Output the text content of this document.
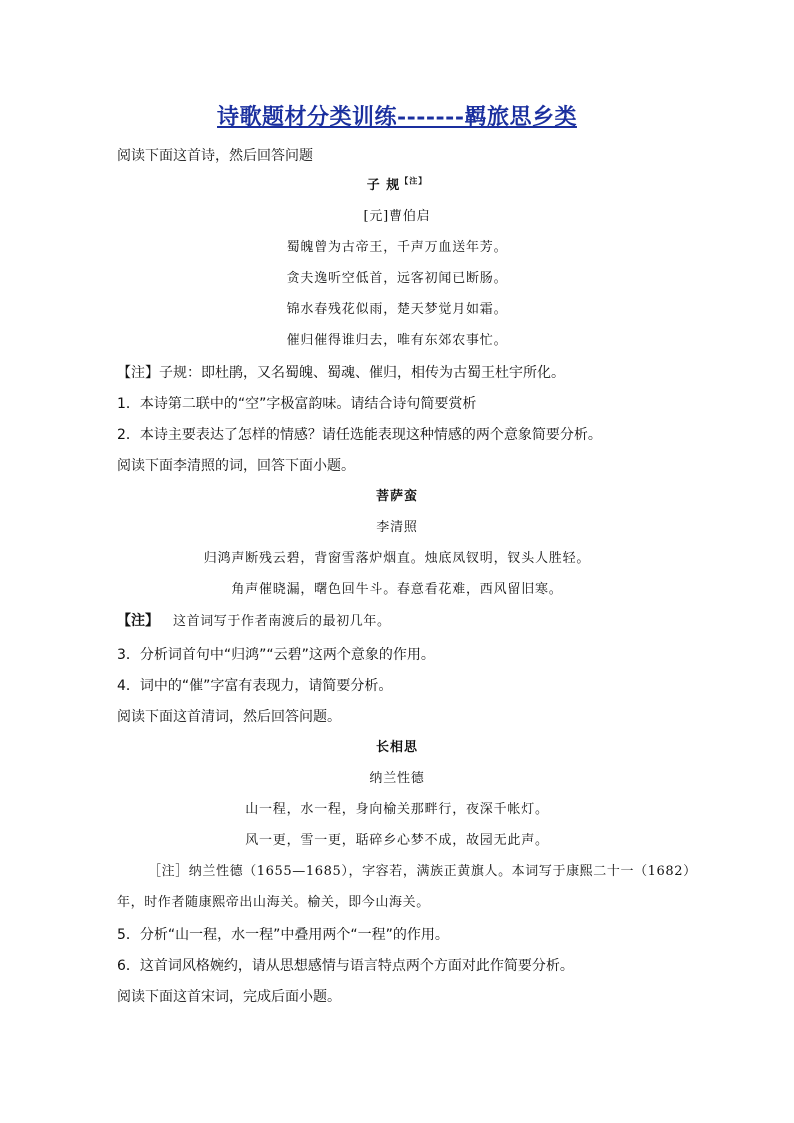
诗歌题材分类训练-------羁旅思乡类
阅读下面这首诗，然后回答问题
子 规$^{【注】}$
[元]曹伯启
蜀魄曾为古帝王，千声万血送年芳。
贪夫逸听空低首，远客初闻已断肠。
锦水春残花似雨，楚天梦觉月如霜。
催归催得谁归去，唯有东郊农事忙。
【注】子规：即杜鹃，又名蜀魄、蜀魂、催归，相传为古蜀王杜宇所化。
1．本诗第二联中的“空”字极富韵味。请结合诗句简要赏析
2．本诗主要表达了怎样的情感？请任选能表现这种情感的两个意象简要分析。
阅读下面李清照的词，回答下面小题。
菩萨蛮
李清照
归鸿声断残云碧，背窗雪落炉烟直。烛底凤钗明，钗头人胜轻。
角声催晓漏，曙色回牛斗。春意看花难，西风留旧寒。
【注】 这首词写于作者南渡后的最初几年。
3．分析词首句中“归鸿”“云碧”这两个意象的作用。
4．词中的“催”字富有表现力，请简要分析。
阅读下面这首清词，然后回答问题。
长相思
纳兰性德
山一程，水一程，身向榆关那畔行，夜深千帐灯。
风一更，雪一更，聒碎乡心梦不成，故园无此声。
［注］纳兰性德（1655—1685），字容若，满族正黄旗人。本词写于康熙二十一（1682）
年，时作者随康熙帝出山海关。榆关，即今山海关。
5．分析“山一程，水一程”中叠用两个“一程”的作用。
6．这首词风格婉约，请从思想感情与语言特点两个方面对此作简要分析。
阅读下面这首宋词，完成后面小题。
